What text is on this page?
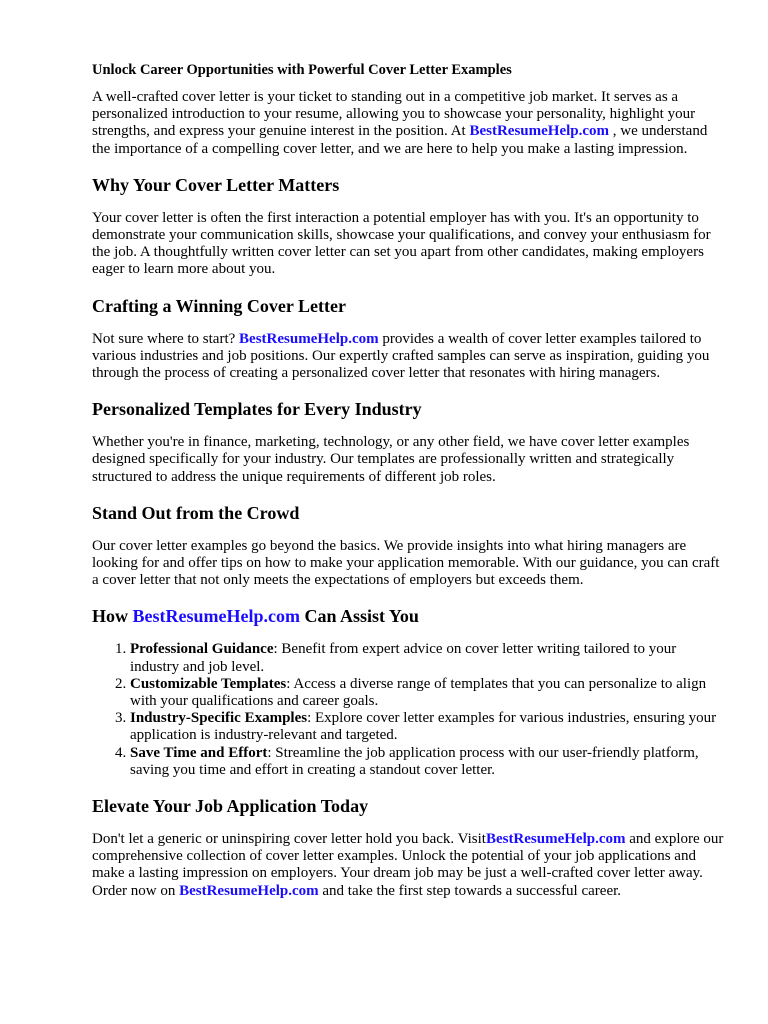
Unlock Career Opportunities with Powerful Cover Letter Examples

A well-crafted cover letter is your ticket to standing out in a competitive job market. It serves as a personalized introduction to your resume, allowing you to showcase your personality, highlight your strengths, and express your genuine interest in the position. At BestResumeHelp.com , we understand the importance of a compelling cover letter, and we are here to help you make a lasting impression.

Why Your Cover Letter Matters

Your cover letter is often the first interaction a potential employer has with you. It's an opportunity to demonstrate your communication skills, showcase your qualifications, and convey your enthusiasm for the job. A thoughtfully written cover letter can set you apart from other candidates, making employers eager to learn more about you.

Crafting a Winning Cover Letter

Not sure where to start? BestResumeHelp.com provides a wealth of cover letter examples tailored to various industries and job positions. Our expertly crafted samples can serve as inspiration, guiding you through the process of creating a personalized cover letter that resonates with hiring managers.

Personalized Templates for Every Industry

Whether you're in finance, marketing, technology, or any other field, we have cover letter examples designed specifically for your industry. Our templates are professionally written and strategically structured to address the unique requirements of different job roles.

Stand Out from the Crowd

Our cover letter examples go beyond the basics. We provide insights into what hiring managers are looking for and offer tips on how to make your application memorable. With our guidance, you can craft a cover letter that not only meets the expectations of employers but exceeds them.

How BestResumeHelp.com Can Assist You
1. Professional Guidance: Benefit from expert advice on cover letter writing tailored to your industry and job level.
2. Customizable Templates: Access a diverse range of templates that you can personalize to align with your qualifications and career goals.
3. Industry-Specific Examples: Explore cover letter examples for various industries, ensuring your application is industry-relevant and targeted.
4. Save Time and Effort: Streamline the job application process with our user-friendly platform, saving you time and effort in creating a standout cover letter.
Elevate Your Job Application Today

Don't let a generic or uninspiring cover letter hold you back. VisitBestResumeHelp.com and explore our comprehensive collection of cover letter examples. Unlock the potential of your job applications and make a lasting impression on employers. Your dream job may be just a well-crafted cover letter away. Order now on BestResumeHelp.com and take the first step towards a successful career.
